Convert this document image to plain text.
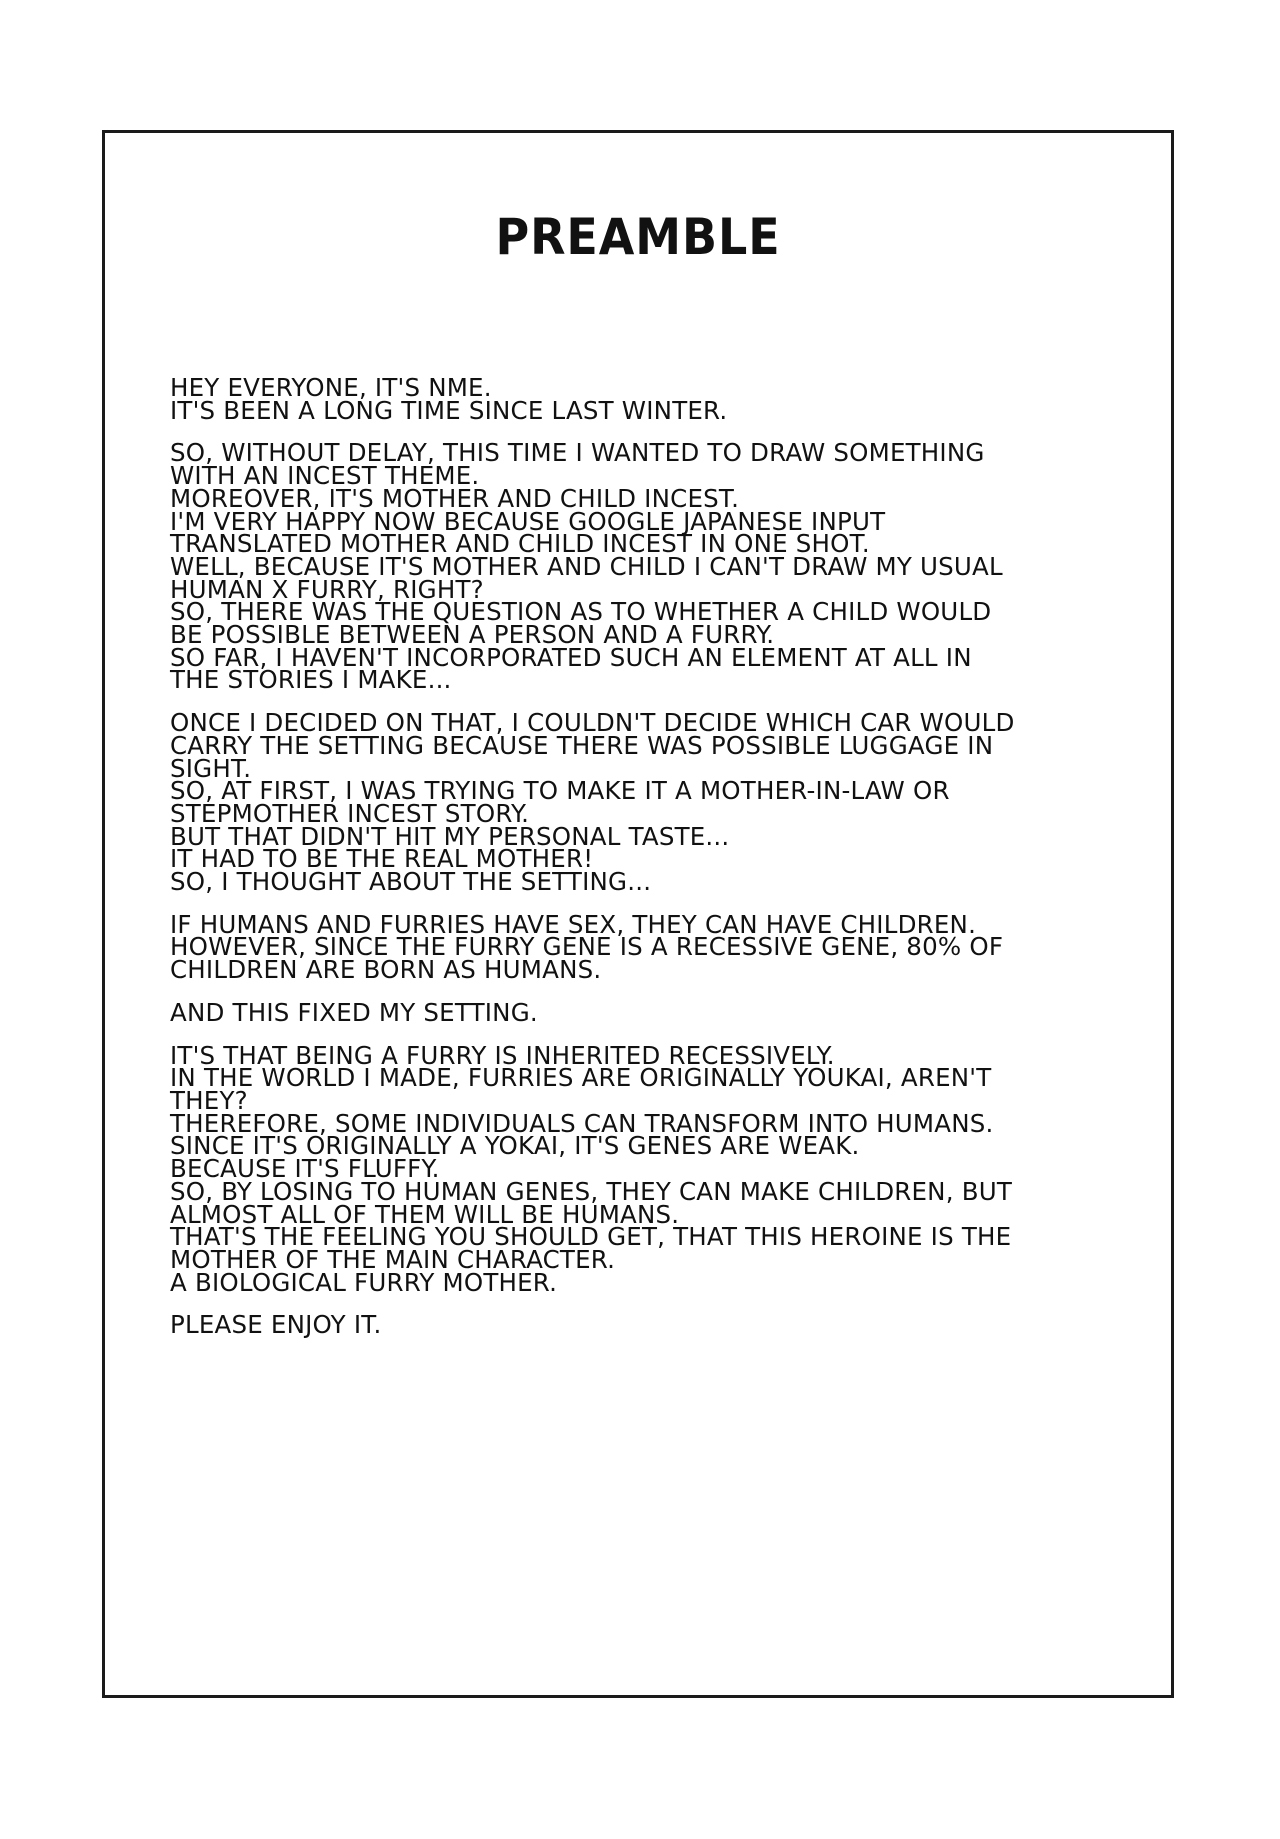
PREAMBLE
HEY EVERYONE, IT'S NME.
IT'S BEEN A LONG TIME SINCE LAST WINTER.
SO, WITHOUT DELAY, THIS TIME I WANTED TO DRAW SOMETHING
WITH AN INCEST THEME.
MOREOVER, IT'S MOTHER AND CHILD INCEST.
I'M VERY HAPPY NOW BECAUSE GOOGLE JAPANESE INPUT
TRANSLATED MOTHER AND CHILD INCEST IN ONE SHOT.
WELL, BECAUSE IT'S MOTHER AND CHILD I CAN'T DRAW MY USUAL
HUMAN X FURRY, RIGHT?
SO, THERE WAS THE QUESTION AS TO WHETHER A CHILD WOULD
BE POSSIBLE BETWEEN A PERSON AND A FURRY.
SO FAR, I HAVEN'T INCORPORATED SUCH AN ELEMENT AT ALL IN
THE STORIES I MAKE...
ONCE I DECIDED ON THAT, I COULDN'T DECIDE WHICH CAR WOULD
CARRY THE SETTING BECAUSE THERE WAS POSSIBLE LUGGAGE IN
SIGHT.
SO, AT FIRST, I WAS TRYING TO MAKE IT A MOTHER-IN-LAW OR
STEPMOTHER INCEST STORY.
BUT THAT DIDN'T HIT MY PERSONAL TASTE...
IT HAD TO BE THE REAL MOTHER!
SO, I THOUGHT ABOUT THE SETTING...
IF HUMANS AND FURRIES HAVE SEX, THEY CAN HAVE CHILDREN.
HOWEVER, SINCE THE FURRY GENE IS A RECESSIVE GENE, 80% OF
CHILDREN ARE BORN AS HUMANS.
AND THIS FIXED MY SETTING.
IT'S THAT BEING A FURRY IS INHERITED RECESSIVELY.
IN THE WORLD I MADE, FURRIES ARE ORIGINALLY YOUKAI, AREN'T
THEY?
THEREFORE, SOME INDIVIDUALS CAN TRANSFORM INTO HUMANS.
SINCE IT'S ORIGINALLY A YOKAI, IT'S GENES ARE WEAK.
BECAUSE IT'S FLUFFY.
SO, BY LOSING TO HUMAN GENES, THEY CAN MAKE CHILDREN, BUT
ALMOST ALL OF THEM WILL BE HUMANS.
THAT'S THE FEELING YOU SHOULD GET, THAT THIS HEROINE IS THE
MOTHER OF THE MAIN CHARACTER.
A BIOLOGICAL FURRY MOTHER.
PLEASE ENJOY IT.
